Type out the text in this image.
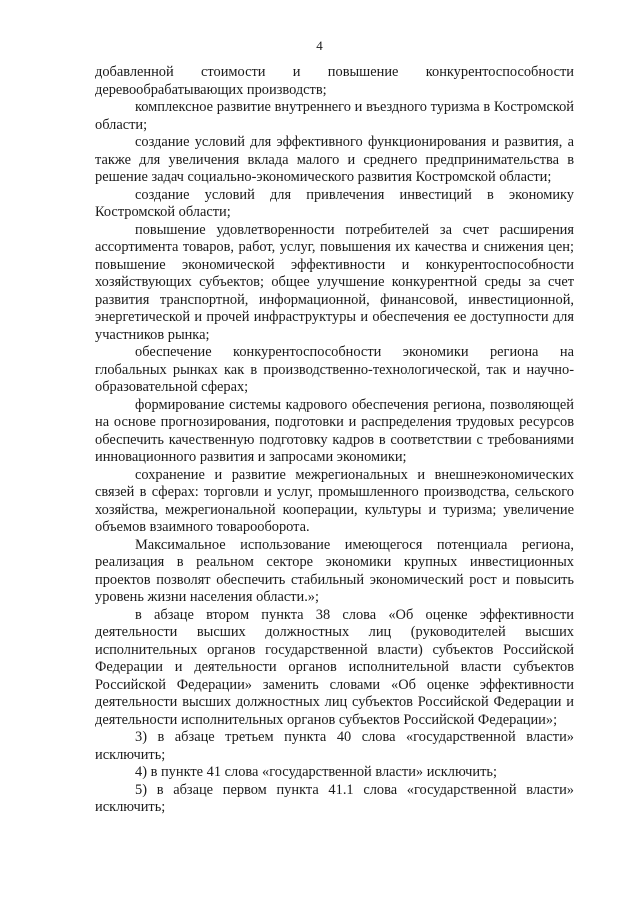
4

добавленной стоимости и повышение конкурентоспособности деревообрабатывающих производств;

комплексное развитие внутреннего и въездного туризма в Костромской области;

создание условий для эффективного функционирования и развития, а также для увеличения вклада малого и среднего предпринимательства в решение задач социально-экономического развития Костромской области;

создание условий для привлечения инвестиций в экономику Костромской области;

повышение удовлетворенности потребителей за счет расширения ассортимента товаров, работ, услуг, повышения их качества и снижения цен; повышение экономической эффективности и конкурентоспособности хозяйствующих субъектов; общее улучшение конкурентной среды за счет развития транспортной, информационной, финансовой, инвестиционной, энергетической и прочей инфраструктуры и обеспечения ее доступности для участников рынка;

обеспечение конкурентоспособности экономики региона на глобальных рынках как в производственно-технологической, так и научно-образовательной сферах;

формирование системы кадрового обеспечения региона, позволяющей на основе прогнозирования, подготовки и распределения трудовых ресурсов обеспечить качественную подготовку кадров в соответствии с требованиями инновационного развития и запросами экономики;

сохранение и развитие межрегиональных и внешнеэкономических связей в сферах: торговли и услуг, промышленного производства, сельского хозяйства, межрегиональной кооперации, культуры и туризма; увеличение объемов взаимного товарооборота.

Максимальное использование имеющегося потенциала региона, реализация в реальном секторе экономики крупных инвестиционных проектов позволят обеспечить стабильный экономический рост и повысить уровень жизни населения области.»;

в абзаце втором пункта 38 слова «Об оценке эффективности деятельности высших должностных лиц (руководителей высших исполнительных органов государственной власти) субъектов Российской Федерации и деятельности органов исполнительной власти субъектов Российской Федерации» заменить словами «Об оценке эффективности деятельности высших должностных лиц субъектов Российской Федерации и деятельности исполнительных органов субъектов Российской Федерации»;

3) в абзаце третьем пункта 40 слова «государственной власти» исключить;

4) в пункте 41 слова «государственной власти» исключить;

5) в абзаце первом пункта 41.1 слова «государственной власти» исключить;
